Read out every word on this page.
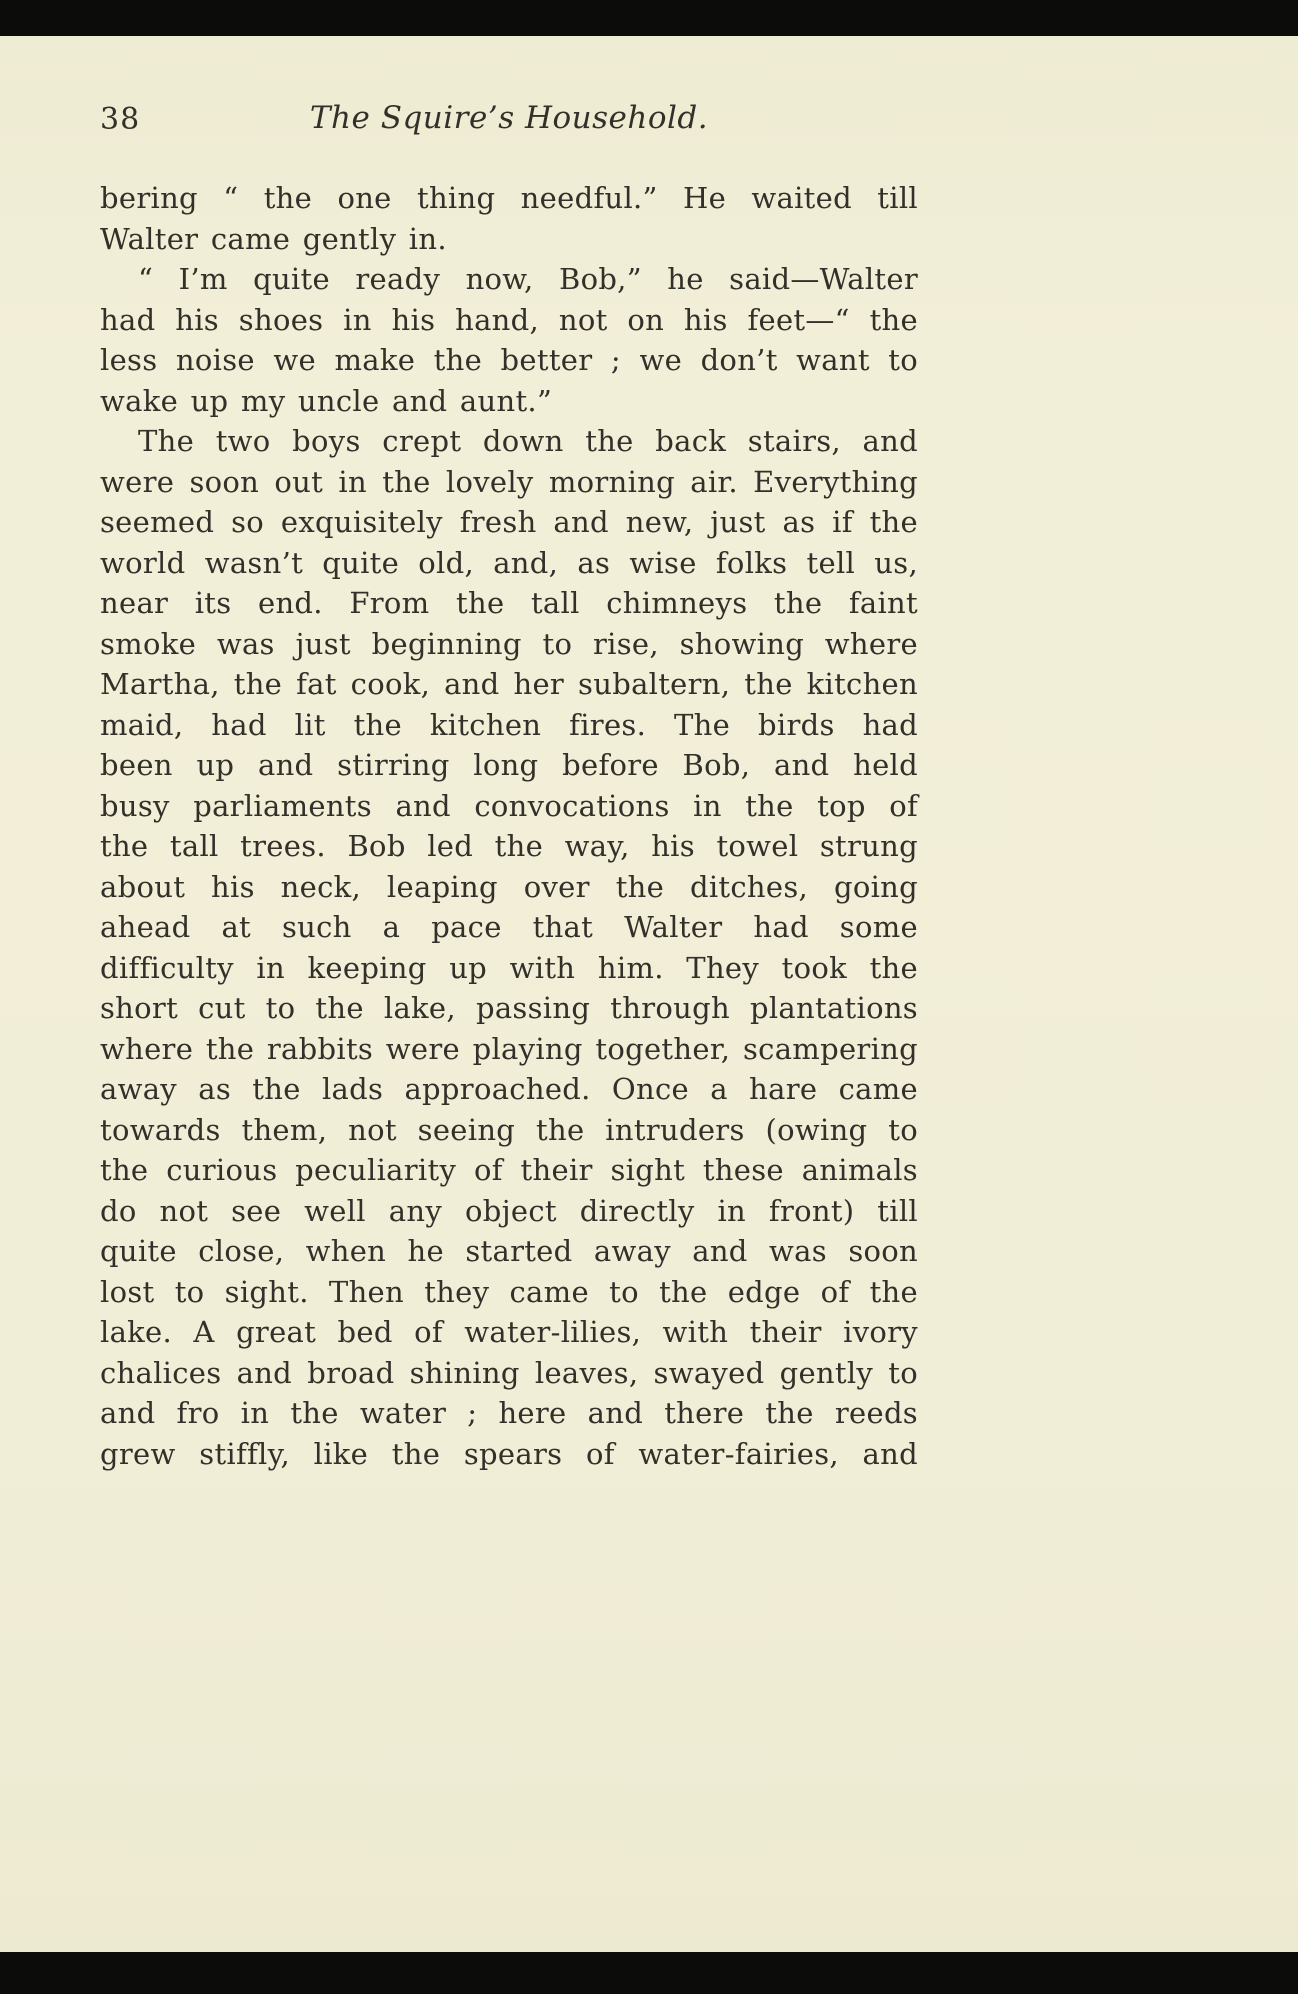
38	The Squire’s Household.
bering “ the one thing needful.” He waited till
Walter came gently in.
“ I’m quite ready now, Bob,” he said—Walter
had his shoes in his hand, not on his feet—“ the
less noise we make the better ; we don’t want to
wake up my uncle and aunt.”
The two boys crept down the back stairs, and
were soon out in the lovely morning air. Everything
seemed so exquisitely fresh and new, just as if the
world wasn’t quite old, and, as wise folks tell us,
near its end. From the tall chimneys the faint
smoke was just beginning to rise, showing where
Martha, the fat cook, and her subaltern, the kitchen
maid, had lit the kitchen fires. The birds had
been up and stirring long before Bob, and held
busy parliaments and convocations in the top of
the tall trees. Bob led the way, his towel strung
about his neck, leaping over the ditches, going
ahead at such a pace that Walter had some
difficulty in keeping up with him. They took the
short cut to the lake, passing through plantations
where the rabbits were playing together, scampering
away as the lads approached. Once a hare came
towards them, not seeing the intruders (owing to
the curious peculiarity of their sight these animals
do not see well any object directly in front) till
quite close, when he started away and was soon
lost to sight. Then they came to the edge of the
lake. A great bed of water-lilies, with their ivory
chalices and broad shining leaves, swayed gently to
and fro in the water ; here and there the reeds
grew stiffly, like the spears of water-fairies, and
